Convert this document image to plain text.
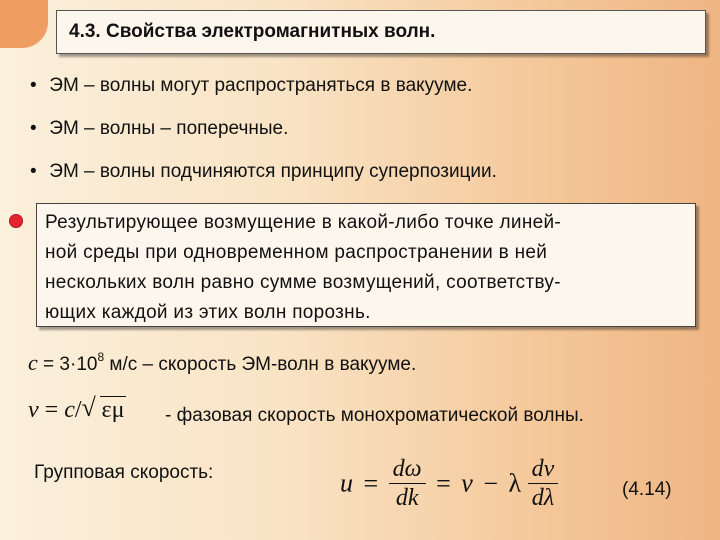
4.3. Свойства электромагнитных волн.
• ЭМ – волны могут распространяться в вакууме.
• ЭМ – волны – поперечные.
• ЭМ – волны подчиняются принципу суперпозиции.
Результирующее возмущение в какой-либо точке линей-
ной среды при одновременном распространении в ней
нескольких волн равно сумме возмущений, соответству-
ющих каждой из этих волн порознь.
$c = 3\cdot 10^8$ м/с – скорость ЭМ-волн в вакууме.
v = c/ √ εμ - фазовая скорость монохроматической волны.
Групповая скорость:	$u = \frac{d\omega}{dk} = v - \lambda \frac{dv}{d\lambda}$	(4.14)
